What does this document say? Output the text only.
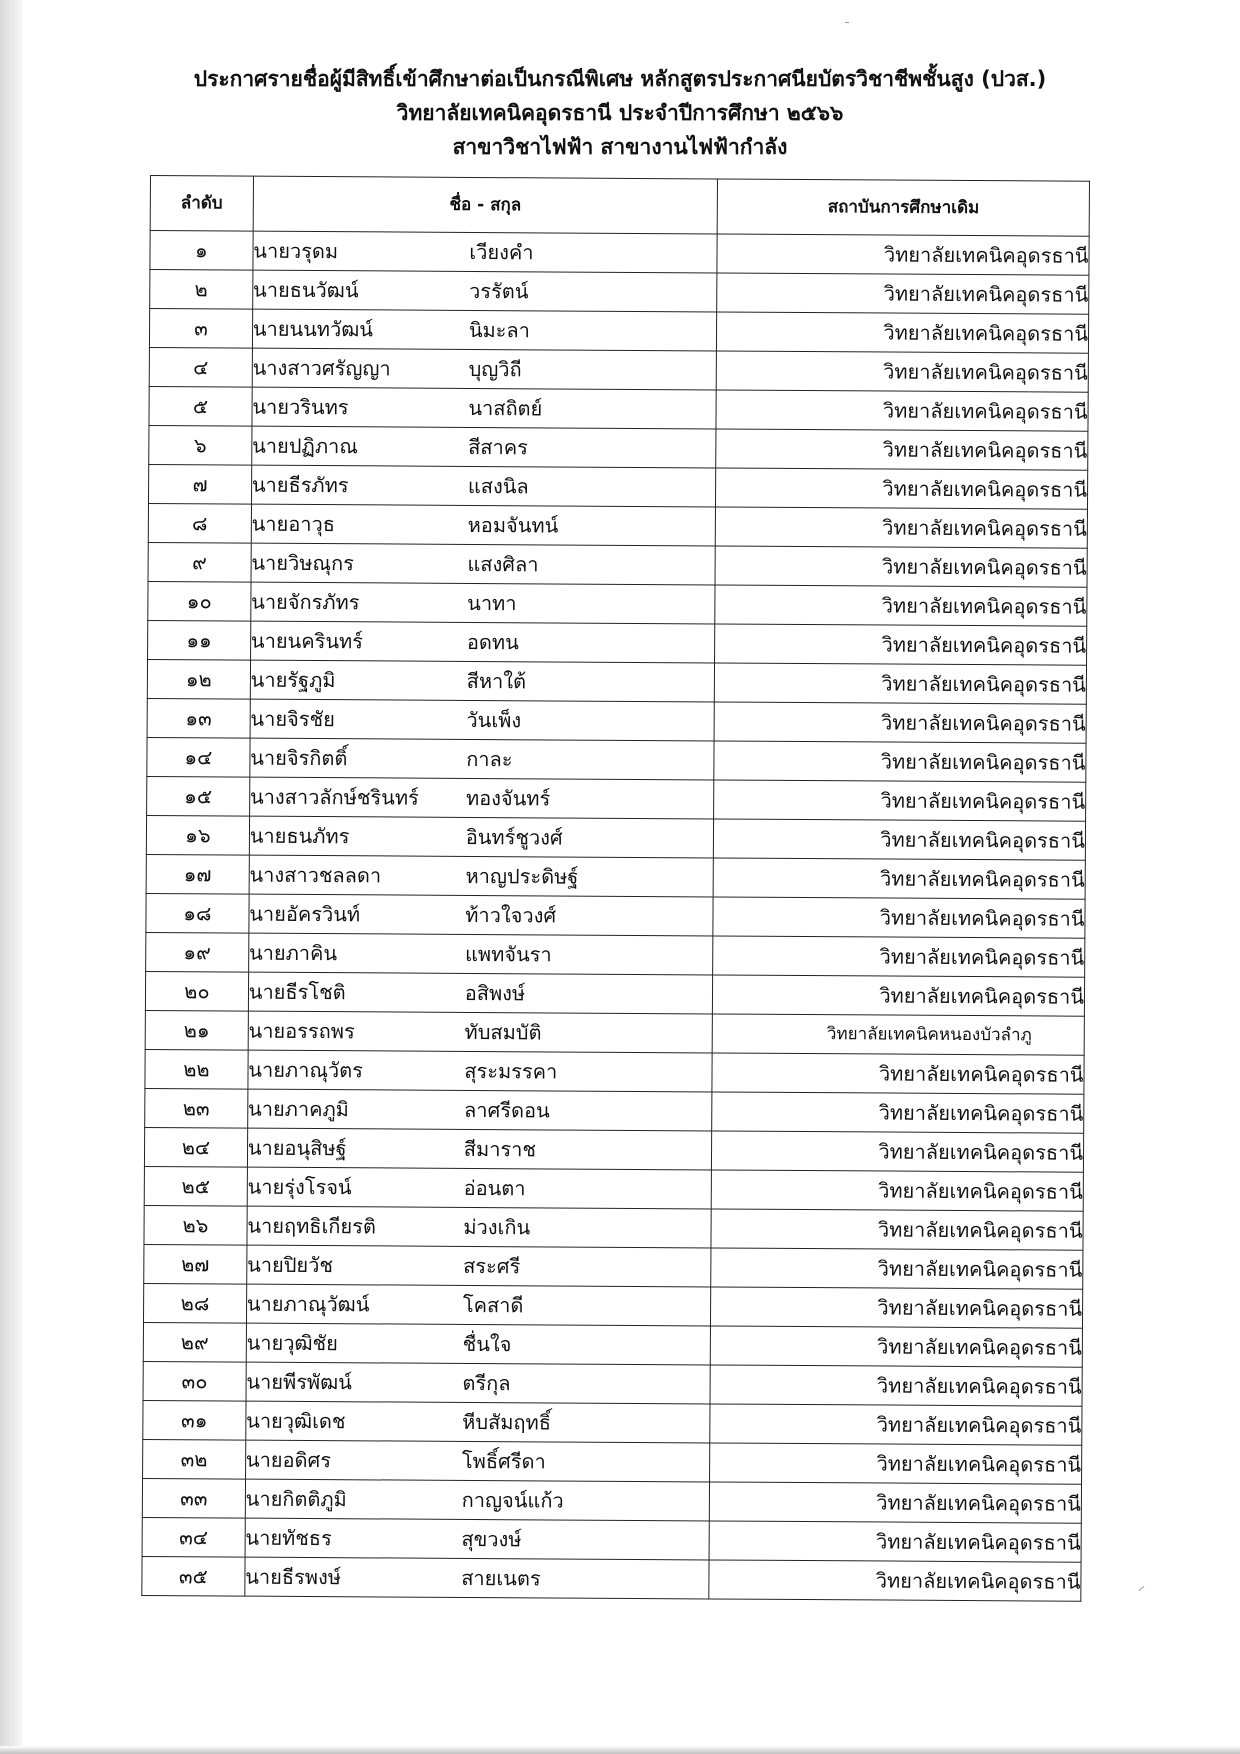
ประกาศรายชื่อผู้มีสิทธิ์เข้าศึกษาต่อเป็นกรณีพิเศษ หลักสูตรประกาศนียบัตรวิชาชีพชั้นสูง (ปวส.)
วิทยาลัยเทคนิคอุดรธานี ประจำปีการศึกษา ๒๕๖๖
สาขาวิชาไฟฟ้า สาขางานไฟฟ้ากำลัง
ลำดับ	ชื่อ - สกุล	สถาบันการศึกษาเดิม
๑	นายวรุดม เวียงคำ	วิทยาลัยเทคนิคอุดรธานี
๒	นายธนวัฒน์ วรรัตน์	วิทยาลัยเทคนิคอุดรธานี
๓	นายนนทวัฒน์ นิมะลา	วิทยาลัยเทคนิคอุดรธานี
๔	นางสาวศรัญญา บุญวิถี	วิทยาลัยเทคนิคอุดรธานี
๕	นายวรินทร นาสถิตย์	วิทยาลัยเทคนิคอุดรธานี
๖	นายปฏิภาณ สีสาคร	วิทยาลัยเทคนิคอุดรธานี
๗	นายธีรภัทร แสงนิล	วิทยาลัยเทคนิคอุดรธานี
๘	นายอาวุธ หอมจันทน์	วิทยาลัยเทคนิคอุดรธานี
๙	นายวิษณุกร แสงศิลา	วิทยาลัยเทคนิคอุดรธานี
๑๐	นายจักรภัทร นาทา	วิทยาลัยเทคนิคอุดรธานี
๑๑	นายนครินทร์ อดทน	วิทยาลัยเทคนิคอุดรธานี
๑๒	นายรัฐภูมิ สีหาใต้	วิทยาลัยเทคนิคอุดรธานี
๑๓	นายจิรชัย วันเพ็ง	วิทยาลัยเทคนิคอุดรธานี
๑๔	นายจิรกิตติ์ กาละ	วิทยาลัยเทคนิคอุดรธานี
๑๕	นางสาวลักษ์ชรินทร์ ทองจันทร์	วิทยาลัยเทคนิคอุดรธานี
๑๖	นายธนภัทร อินทร์ชูวงศ์	วิทยาลัยเทคนิคอุดรธานี
๑๗	นางสาวชลลดา หาญประดิษฐ์	วิทยาลัยเทคนิคอุดรธานี
๑๘	นายอัครวินท์ ท้าวใจวงศ์	วิทยาลัยเทคนิคอุดรธานี
๑๙	นายภาคิน แพทจันรา	วิทยาลัยเทคนิคอุดรธานี
๒๐	นายธีรโชติ อสิพงษ์	วิทยาลัยเทคนิคอุดรธานี
๒๑	นายอรรถพร ทับสมบัติ	วิทยาลัยเทคนิคหนองบัวลำภู
๒๒	นายภาณุวัตร สุระมรรคา	วิทยาลัยเทคนิคอุดรธานี
๒๓	นายภาคภูมิ ลาศรีดอน	วิทยาลัยเทคนิคอุดรธานี
๒๔	นายอนุสิษฐ์ สีมาราช	วิทยาลัยเทคนิคอุดรธานี
๒๕	นายรุ่งโรจน์ อ่อนตา	วิทยาลัยเทคนิคอุดรธานี
๒๖	นายฤทธิเกียรติ ม่วงเกิน	วิทยาลัยเทคนิคอุดรธานี
๒๗	นายปิยวัช สระศรี	วิทยาลัยเทคนิคอุดรธานี
๒๘	นายภาณุวัฒน์ โคสาดี	วิทยาลัยเทคนิคอุดรธานี
๒๙	นายวุฒิชัย ชื่นใจ	วิทยาลัยเทคนิคอุดรธานี
๓๐	นายพีรพัฒน์ ตรีกุล	วิทยาลัยเทคนิคอุดรธานี
๓๑	นายวุฒิเดช หีบสัมฤทธิ์	วิทยาลัยเทคนิคอุดรธานี
๓๒	นายอดิศร โพธิ์ศรีดา	วิทยาลัยเทคนิคอุดรธานี
๓๓	นายกิตติภูมิ กาญจน์แก้ว	วิทยาลัยเทคนิคอุดรธานี
๓๔	นายทัชธร สุขวงษ์	วิทยาลัยเทคนิคอุดรธานี
๓๕	นายธีรพงษ์ สายเนตร	วิทยาลัยเทคนิคอุดรธานี
